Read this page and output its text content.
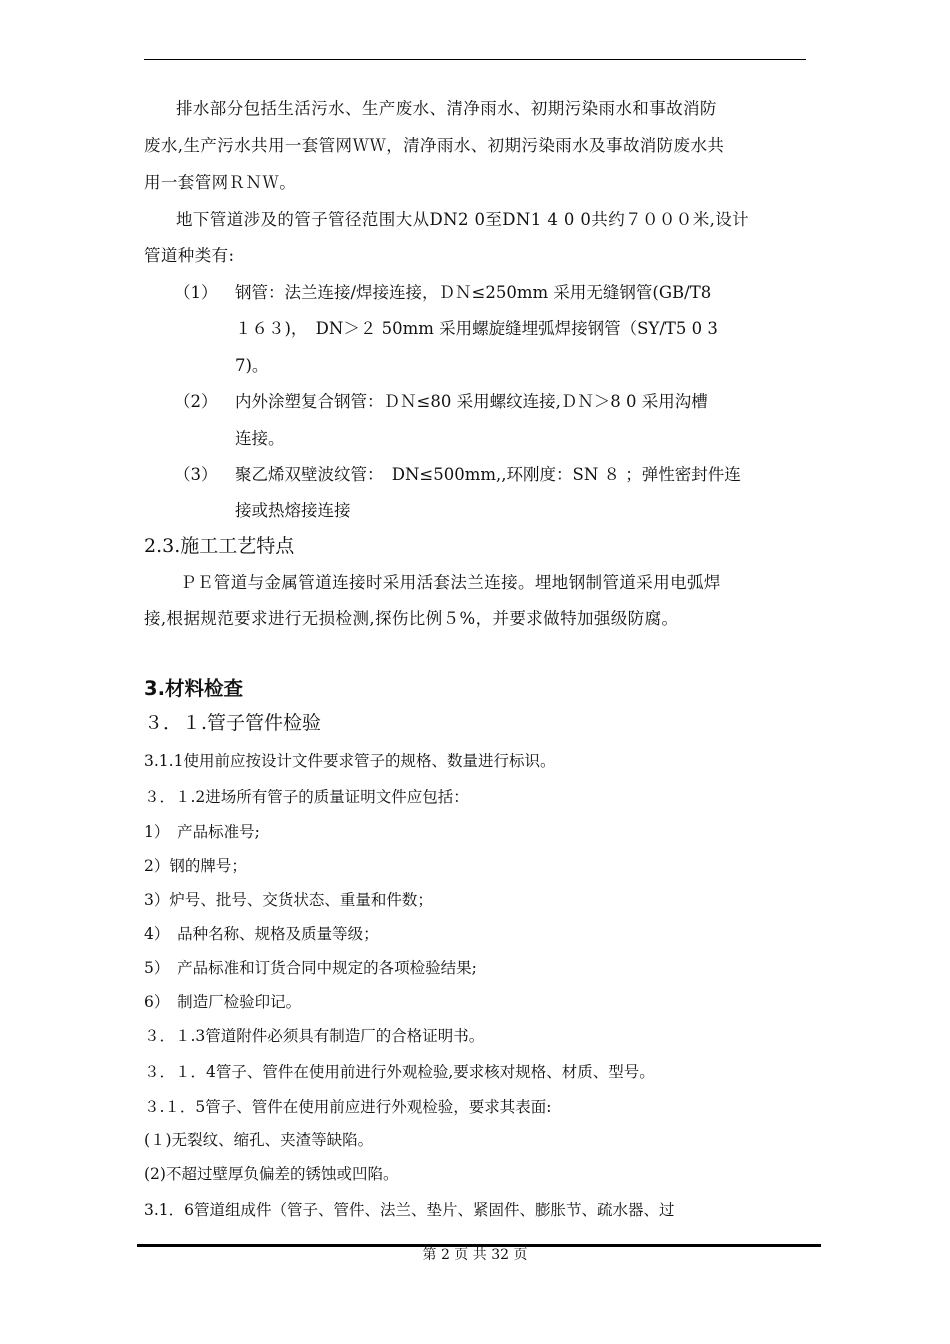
排水部分包括生活污水、生产废水、清净雨水、初期污染雨水和事故消防
废水,生产污水共用一套管网ＷＷ，清净雨水、初期污染雨水及事故消防废水共
用一套管网ＲＮＷ。
地下管道涉及的管子管径范围大从DN2 0至DN1 4 0 0共约７０００米,设计
管道种类有:
（1） 钢管：法兰连接/焊接连接，ＤＮ≤250mm 采用无缝钢管(GB/T8
１６３)，　DN＞２ 50mm 采用螺旋缝埋弧焊接钢管（SY/T5 0 3
7)。
（2） 内外涂塑复合钢管：ＤＮ≤80 采用螺纹连接,ＤＮ＞8 0 采用沟槽
连接。
（3） 聚乙烯双壁波纹管：　DN≤500mm,,环刚度：SN ８ ；弹性密封件连
接或热熔接连接
2.3.施工工艺特点
ＰＥ管道与金属管道连接时采用活套法兰连接。埋地钢制管道采用电弧焊
接,根据规范要求进行无损检测,探伤比例５%，并要求做特加强级防腐。
3.材料检查
３．１.管子管件检验
3.1.1使用前应按设计文件要求管子的规格、数量进行标识。
３．１.2进场所有管子的质量证明文件应包括：
1）　产品标准号;
2）钢的牌号；
3）炉号、批号、交货状态、重量和件数；
4）　品种名称、规格及质量等级；
5）　产品标准和订货合同中规定的各项检验结果;
6）　制造厂检验印记。
３．１.3管道附件必须具有制造厂的合格证明书。
３．１．4管子、管件在使用前进行外观检验,要求核对规格、材质、型号。
３.１．5管子、管件在使用前应进行外观检验，要求其表面:
(１)无裂纹、缩孔、夹渣等缺陷。
(2)不超过壁厚负偏差的锈蚀或凹陷。
3.1．6管道组成件（管子、管件、法兰、垫片、紧固件、膨胀节、疏水器、过
第 2 页 共 32 页
